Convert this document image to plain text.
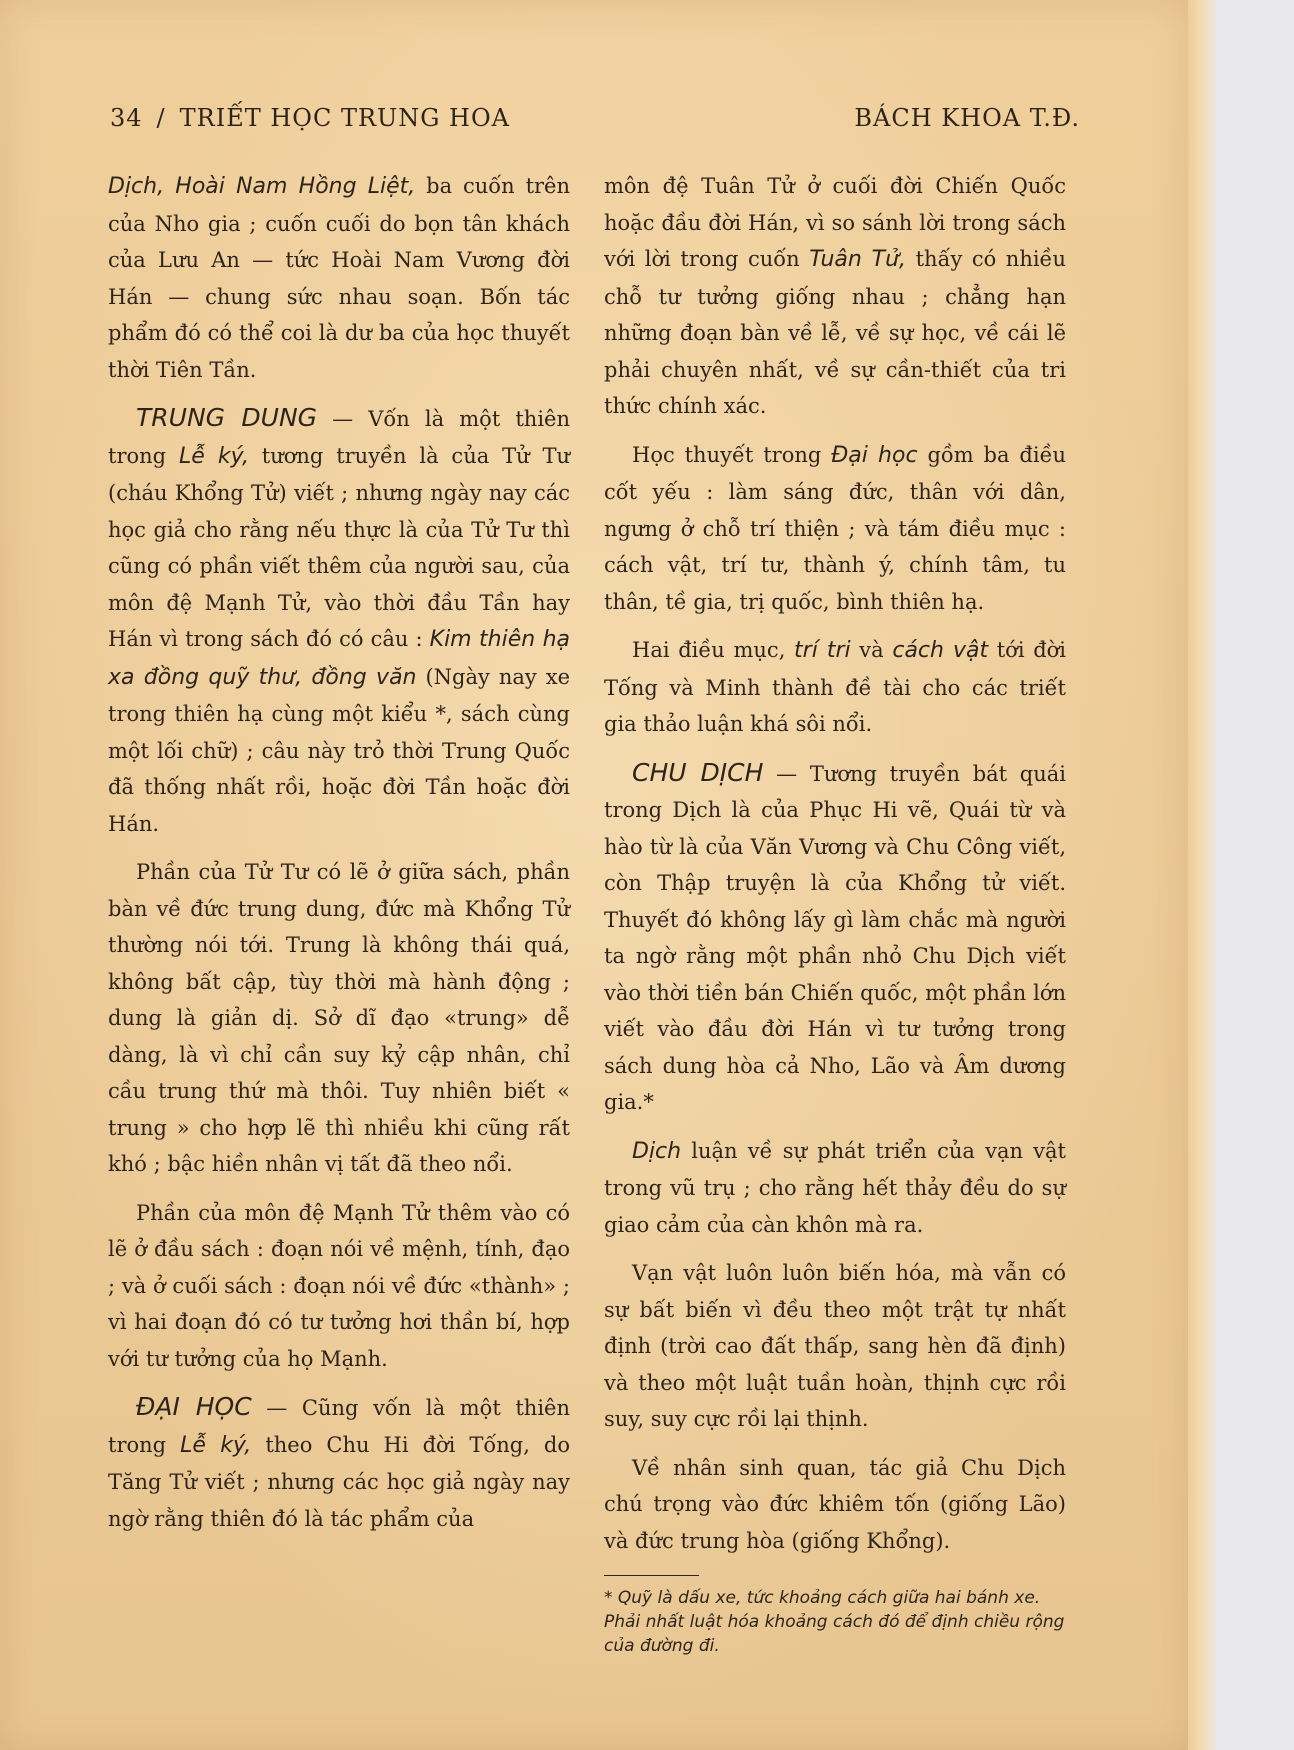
34 / TRIẾT HỌC TRUNG HOA	BÁCH KHOA T.Đ.

Dịch, Hoài Nam Hồng Liệt, ba cuốn trên của Nho gia ; cuốn cuối do bọn tân khách của Lưu An — tức Hoài Nam Vương đời Hán — chung sức nhau soạn. Bốn tác phẩm đó có thể coi là dư ba của học thuyết thời Tiên Tần.

TRUNG DUNG — Vốn là một thiên trong Lễ ký, tương truyền là của Tử Tư (cháu Khổng Tử) viết ; nhưng ngày nay các học giả cho rằng nếu thực là của Tử Tư thì cũng có phần viết thêm của người sau, của môn đệ Mạnh Tử, vào thời đầu Tần hay Hán vì trong sách đó có câu : Kim thiên hạ xa đồng quỹ thư, đồng văn (Ngày nay xe trong thiên hạ cùng một kiểu *, sách cùng một lối chữ) ; câu này trỏ thời Trung Quốc đã thống nhất rồi, hoặc đời Tần hoặc đời Hán.

Phần của Tử Tư có lẽ ở giữa sách, phần bàn về đức trung dung, đức mà Khổng Tử thường nói tới. Trung là không thái quá, không bất cập, tùy thời mà hành động ; dung là giản dị. Sở dĩ đạo «trung» dễ dàng, là vì chỉ cần suy kỷ cập nhân, chỉ cầu trung thứ mà thôi. Tuy nhiên biết « trung » cho hợp lẽ thì nhiều khi cũng rất khó ; bậc hiền nhân vị tất đã theo nổi.

Phần của môn đệ Mạnh Tử thêm vào có lẽ ở đầu sách : đoạn nói về mệnh, tính, đạo ; và ở cuối sách : đoạn nói về đức «thành» ; vì hai đoạn đó có tư tưởng hơi thần bí, hợp với tư tưởng của họ Mạnh.

ĐẠI HỌC — Cũng vốn là một thiên trong Lễ ký, theo Chu Hi đời Tống, do Tăng Tử viết ; nhưng các học giả ngày nay ngờ rằng thiên đó là tác phẩm của

môn đệ Tuân Tử ở cuối đời Chiến Quốc hoặc đầu đời Hán, vì so sánh lời trong sách với lời trong cuốn Tuân Tử, thấy có nhiều chỗ tư tưởng giống nhau ; chẳng hạn những đoạn bàn về lễ, về sự học, về cái lẽ phải chuyên nhất, về sự cần-thiết của tri thức chính xác.

Học thuyết trong Đại học gồm ba điều cốt yếu : làm sáng đức, thân với dân, ngưng ở chỗ trí thiện ; và tám điều mục : cách vật, trí tư, thành ý, chính tâm, tu thân, tề gia, trị quốc, bình thiên hạ.

Hai điều mục, trí tri và cách vật tới đời Tống và Minh thành đề tài cho các triết gia thảo luận khá sôi nổi.

CHU DỊCH — Tương truyền bát quái trong Dịch là của Phục Hi vẽ, Quái từ và hào từ là của Văn Vương và Chu Công viết, còn Thập truyện là của Khổng tử viết. Thuyết đó không lấy gì làm chắc mà người ta ngờ rằng một phần nhỏ Chu Dịch viết vào thời tiền bán Chiến quốc, một phần lớn viết vào đầu đời Hán vì tư tưởng trong sách dung hòa cả Nho, Lão và Âm dương gia.*

Dịch luận về sự phát triển của vạn vật trong vũ trụ ; cho rằng hết thảy đều do sự giao cảm của càn khôn mà ra.

Vạn vật luôn luôn biến hóa, mà vẫn có sự bất biến vì đều theo một trật tự nhất định (trời cao đất thấp, sang hèn đã định) và theo một luật tuần hoàn, thịnh cực rồi suy, suy cực rồi lại thịnh.

Về nhân sinh quan, tác giả Chu Dịch chú trọng vào đức khiêm tốn (giống Lão) và đức trung hòa (giống Khổng).

* Quỹ là dấu xe, tức khoảng cách giữa hai bánh xe. Phải nhất luật hóa khoảng cách đó để định chiều rộng của đường đi.
